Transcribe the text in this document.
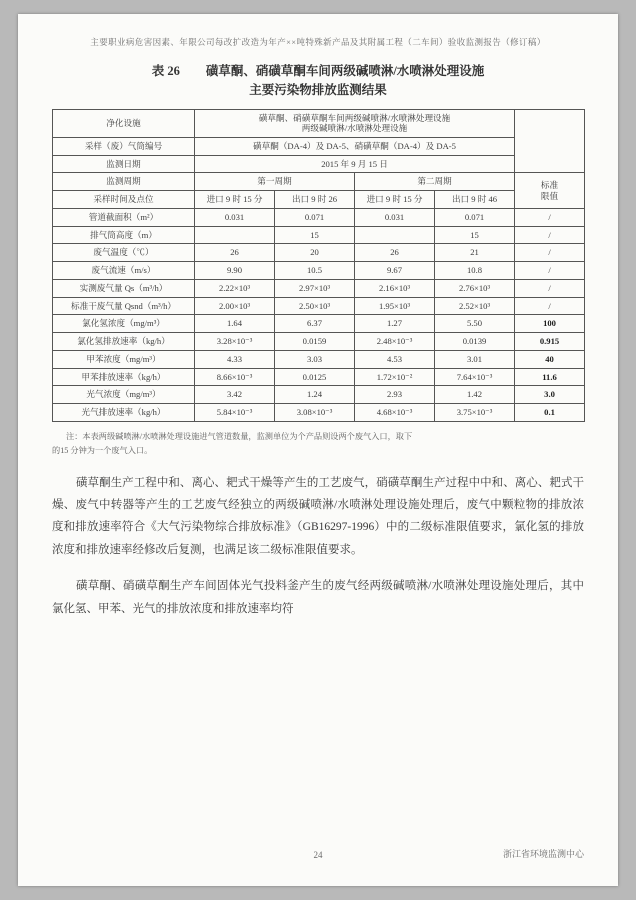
主要职业病危害因素、年限公司每改扩改造为年产××吨特殊新产品及其附属工程（二车间）验收监测报告（修订稿）
表 26 磺草酮、硝磺草酮车间两级碱喷淋/水喷淋处理设施
主要污染物排放监测结果
净化设施	磺草酮、硝磺草酮车间两级碱喷淋/水喷淋处理设施
两级碱喷淋/水喷淋处理设施				
采样（废）气筒编号	磺草酮（DA-4）及 DA-5、硝磺草酮（DA-4）及 DA-5				
监测日期	2015 年 9 月 15 日				
监测周期	第一周期		第二周期		标准
限值
采样时间及点位	进口 9 时 15 分	出口 9 时 26	进口 9 时 15 分	出口 9 时 46	
管道截面积（m²）	0.031	0.071	0.031	0.071	/
排气筒高度（m）		15		15	/
废气温度（℃）	26	20	26	21	/
废气流速（m/s）	9.90	10.5	9.67	10.8	/
实测废气量 Qs（m³/h）	2.22×10³	2.97×10³	2.16×10³	2.76×10³	/
标准干废气量 Qsnd（m³/h）	2.00×10³	2.50×10³	1.95×10³	2.52×10³	/
氯化氢浓度（mg/m³）	1.64	6.37	1.27	5.50	100
氯化氢排放速率（kg/h）	3.28×10⁻³	0.0159	2.48×10⁻³	0.0139	0.915
甲苯浓度（mg/m³）	4.33	3.03	4.53	3.01	40
甲苯排放速率（kg/h）	8.66×10⁻³	0.0125	1.72×10⁻²	7.64×10⁻³	11.6
光气浓度（mg/m³）	3.42	1.24	2.93	1.42	3.0
光气排放速率（kg/h）	5.84×10⁻³	3.08×10⁻³	4.68×10⁻³	3.75×10⁻³	0.1
注：本表两级碱喷淋/水喷淋处理设施进气管道数量，监测单位为个产品则设两个废气入口，取下
的15 分钟为一个废气入口。

磺草酮生产工程中和、离心、耙式干燥等产生的工艺废气，硝磺草酮生产过程中中和、离心、耙式干燥、废气中转器等产生的工艺废气经独立的两级碱喷淋/水喷淋处理设施处理后，废气中颗粒物的排放浓度和排放速率符合《大气污染物综合排放标准》（GB16297-1996）中的二级标准限值要求，氯化氢的排放浓度和排放速率经修改后复测，也满足该二级标准限值要求。

磺草酮、硝磺草酮生产车间固体光气投料釜产生的废气经两级碱喷淋/水喷淋处理设施处理后，其中氯化氢、甲苯、光气的排放浓度和排放速率均符

24	浙江省环境监测中心
